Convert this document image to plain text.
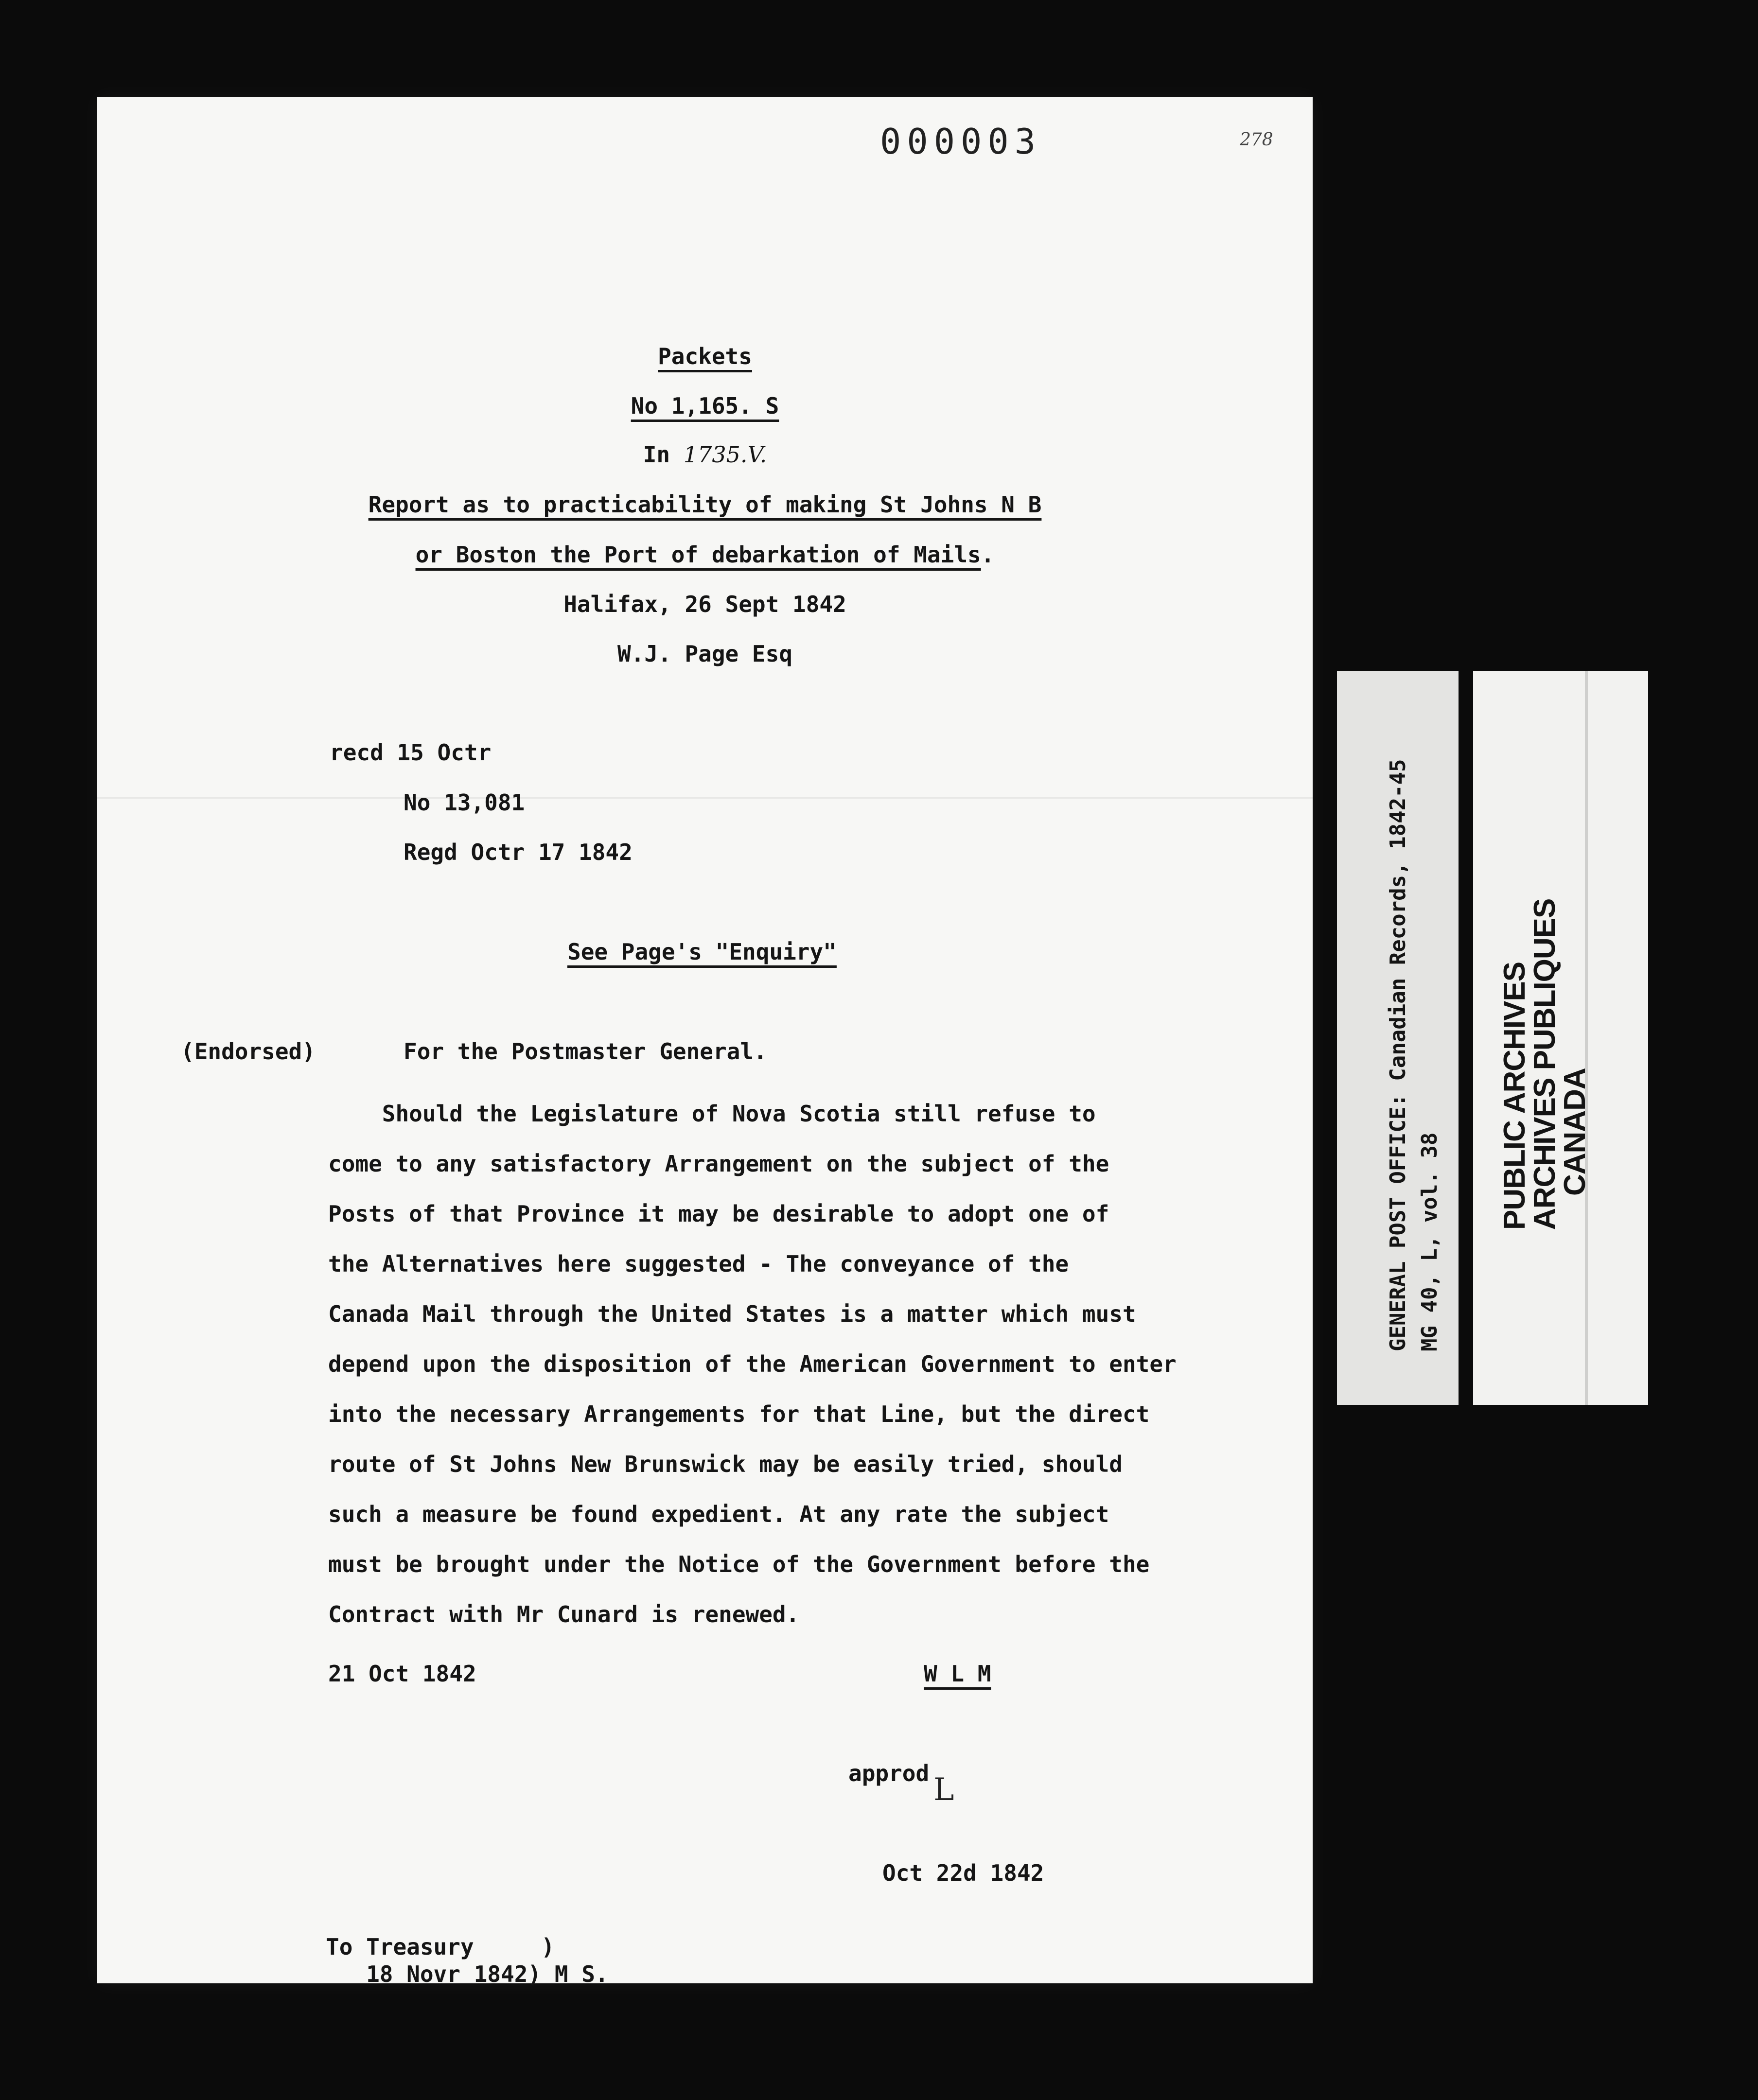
000003	278
Packets
No 1,165. S
In 1735.V.
Report as to practicability of making St Johns N B
or Boston the Port of debarkation of Mails.
Halifax, 26 Sept 1842
W.J. Page Esq
recd 15 Octr
No 13,081
Regd Octr 17 1842
See Page's "Enquiry"
(Endorsed)	For the Postmaster General.
Should the Legislature of Nova Scotia still refuse to
come to any satisfactory Arrangement on the subject of the
Posts of that Province it may be desirable to adopt one of
the Alternatives here suggested - The conveyance of the
Canada Mail through the United States is a matter which must
depend upon the disposition of the American Government to enter
into the necessary Arrangements for that Line, but the direct
route of St Johns New Brunswick may be easily tried, should
such a measure be found expedient. At any rate the subject
must be brought under the Notice of the Government before the
Contract with Mr Cunard is renewed.
21 Oct 1842	W L M
approd L
Oct 22d 1842
To Treasury     )
18 Novr 1842) M S.
GENERAL POST OFFICE: Canadian Records, 1842-45 MG 40, L, vol. 38
PUBLIC ARCHIVES
ARCHIVES PUBLIQUES
CANADA
